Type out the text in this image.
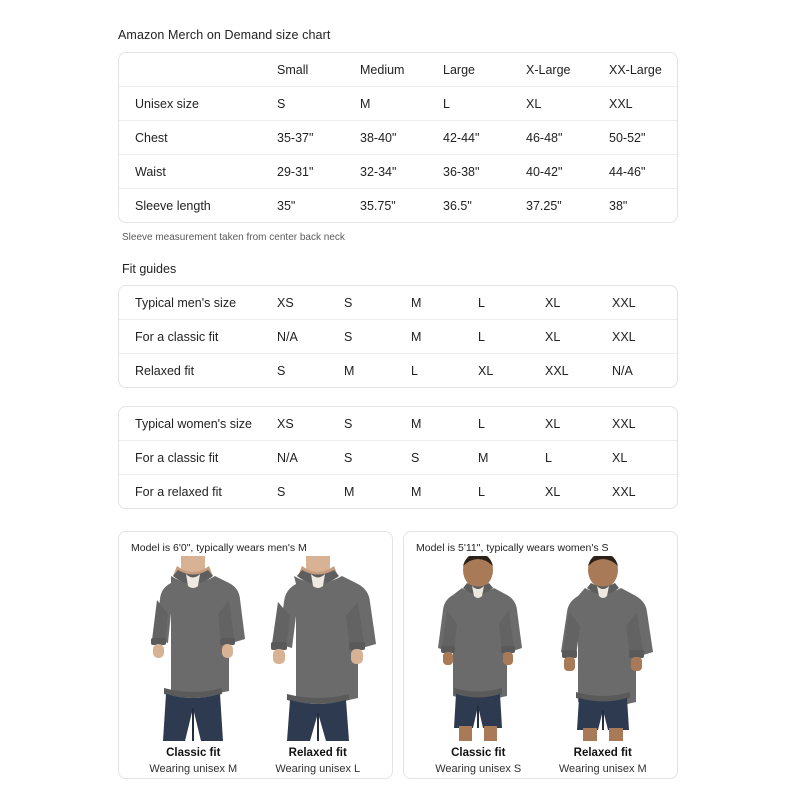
Amazon Merch on Demand size chart
	Small	Medium	Large	X-Large	XX-Large
Unisex size	S	M	L	XL	XXL
Chest	35-37"	38-40"	42-44"	46-48"	50-52"
Waist	29-31"	32-34"	36-38"	40-42"	44-46"
Sleeve length	35"	35.75"	36.5"	37.25"	38"
Sleeve measurement taken from center back neck
Fit guides
Typical men's size	XS	S	M	L	XL	XXL
For a classic fit	N/A	S	M	L	XL	XXL
Relaxed fit	S	M	L	XL	XXL	N/A
Typical women's size	XS	S	M	L	XL	XXL
For a classic fit	N/A	S	S	M	L	XL
For a relaxed fit	S	M	M	L	XL	XXL
Model is 6'0", typically wears men's M
Classic fit
Wearing unisex M
Relaxed fit
Wearing unisex L
Model is 5'11", typically wears women's S
Classic fit
Wearing unisex S
Relaxed fit
Wearing unisex M
